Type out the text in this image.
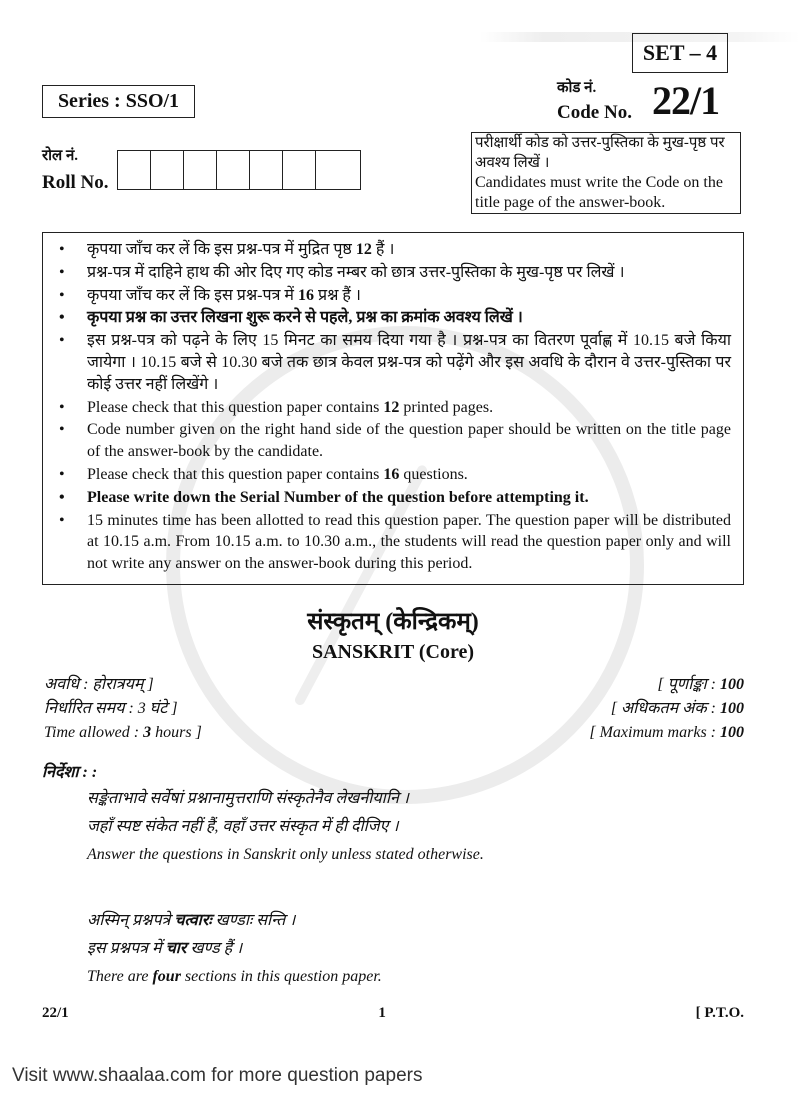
SET – 4
Series : SSO/1
कोड नं.
Code No. 22/1
रोल नं.
Roll No.
परीक्षार्थी कोड को उत्तर-पुस्तिका के मुख-पृष्ठ पर अवश्य लिखें ।
Candidates must write the Code on the title page of the answer-book.
• कृपया जाँच कर लें कि इस प्रश्न-पत्र में मुद्रित पृष्ठ 12 हैं ।
• प्रश्न-पत्र में दाहिने हाथ की ओर दिए गए कोड नम्बर को छात्र उत्तर-पुस्तिका के मुख-पृष्ठ पर लिखें ।
• कृपया जाँच कर लें कि इस प्रश्न-पत्र में 16 प्रश्न हैं ।
• कृपया प्रश्न का उत्तर लिखना शुरू करने से पहले, प्रश्न का क्रमांक अवश्य लिखें ।
• इस प्रश्न-पत्र को पढ़ने के लिए 15 मिनट का समय दिया गया है । प्रश्न-पत्र का वितरण पूर्वाह्ण में 10.15 बजे किया जायेगा । 10.15 बजे से 10.30 बजे तक छात्र केवल प्रश्न-पत्र को पढ़ेंगे और इस अवधि के दौरान वे उत्तर-पुस्तिका पर कोई उत्तर नहीं लिखेंगे ।
• Please check that this question paper contains 12 printed pages.
• Code number given on the right hand side of the question paper should be written on the title page of the answer-book by the candidate.
• Please check that this question paper contains 16 questions.
• Please write down the Serial Number of the question before attempting it.
• 15 minutes time has been allotted to read this question paper. The question paper will be distributed at 10.15 a.m. From 10.15 a.m. to 10.30 a.m., the students will read the question paper only and will not write any answer on the answer-book during this period.
संस्कृतम् (केन्द्रिकम्)
SANSKRIT (Core)
अवधि : होरात्रयम् ]	[ पूर्णाङ्का : 100
निर्धारित समय : 3 घंटे ]	[ अधिकतम अंक : 100
Time allowed : 3 hours ]	[ Maximum marks : 100
निर्देशा : :
सङ्केताभावे सर्वेषां प्रश्नानामुत्तराणि संस्कृतेनैव लेखनीयानि ।
जहाँ स्पष्ट संकेत नहीं हैं, वहाँ उत्तर संस्कृत में ही दीजिए ।
Answer the questions in Sanskrit only unless stated otherwise.
अस्मिन् प्रश्नपत्रे चत्वारः खण्डाः सन्ति ।
इस प्रश्नपत्र में चार खण्ड हैं ।
There are four sections in this question paper.
22/1	1	[ P.T.O.
Visit www.shaalaa.com for more question papers
